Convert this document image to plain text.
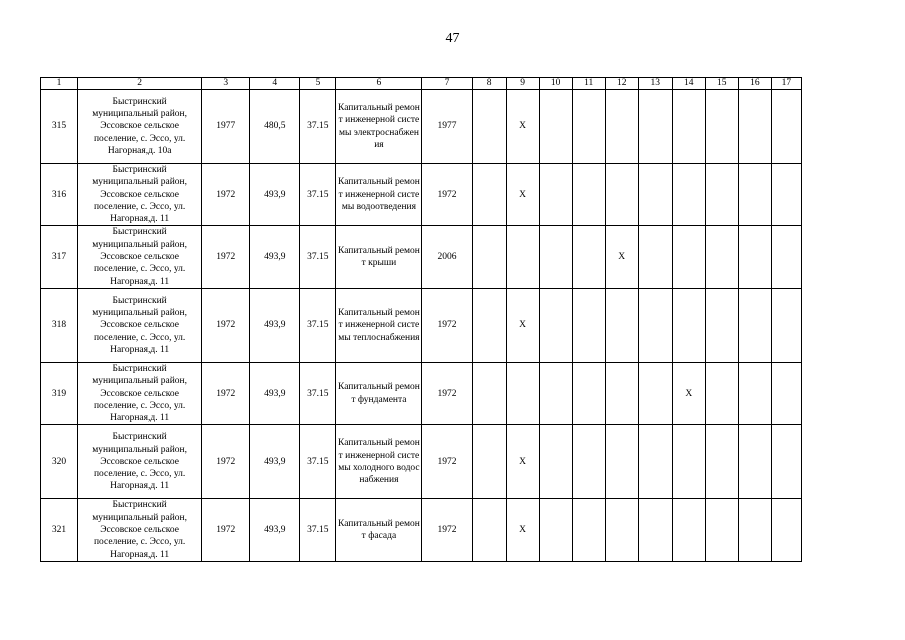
47
1	2	3	4	5	6	7	8	9	10	11	12	13	14	15	16	17
315	Быстринский муниципальный район, Эссовское сельское поселение, с. Эссо, ул. Нагорная,д. 10а	1977	480,5	37.15	Капитальный ремонт инженерной системы электроснабжения	1977		X								
316	Быстринский муниципальный район, Эссовское сельское поселение, с. Эссо, ул. Нагорная,д. 11	1972	493,9	37.15	Капитальный ремонт инженерной системы водоотведения	1972		X								
317	Быстринский муниципальный район, Эссовское сельское поселение, с. Эссо, ул. Нагорная,д. 11	1972	493,9	37.15	Капитальный ремонт крыши	2006					X					
318	Быстринский муниципальный район, Эссовское сельское поселение, с. Эссо, ул. Нагорная,д. 11	1972	493,9	37.15	Капитальный ремонт инженерной системы теплоснабжения	1972		X								
319	Быстринский муниципальный район, Эссовское сельское поселение, с. Эссо, ул. Нагорная,д. 11	1972	493,9	37.15	Капитальный ремонт фундамента	1972							X			
320	Быстринский муниципальный район, Эссовское сельское поселение, с. Эссо, ул. Нагорная,д. 11	1972	493,9	37.15	Капитальный ремонт инженерной системы холодного водоснабжения	1972		X								
321	Быстринский муниципальный район, Эссовское сельское поселение, с. Эссо, ул. Нагорная,д. 11	1972	493,9	37.15	Капитальный ремонт фасада	1972		X								
